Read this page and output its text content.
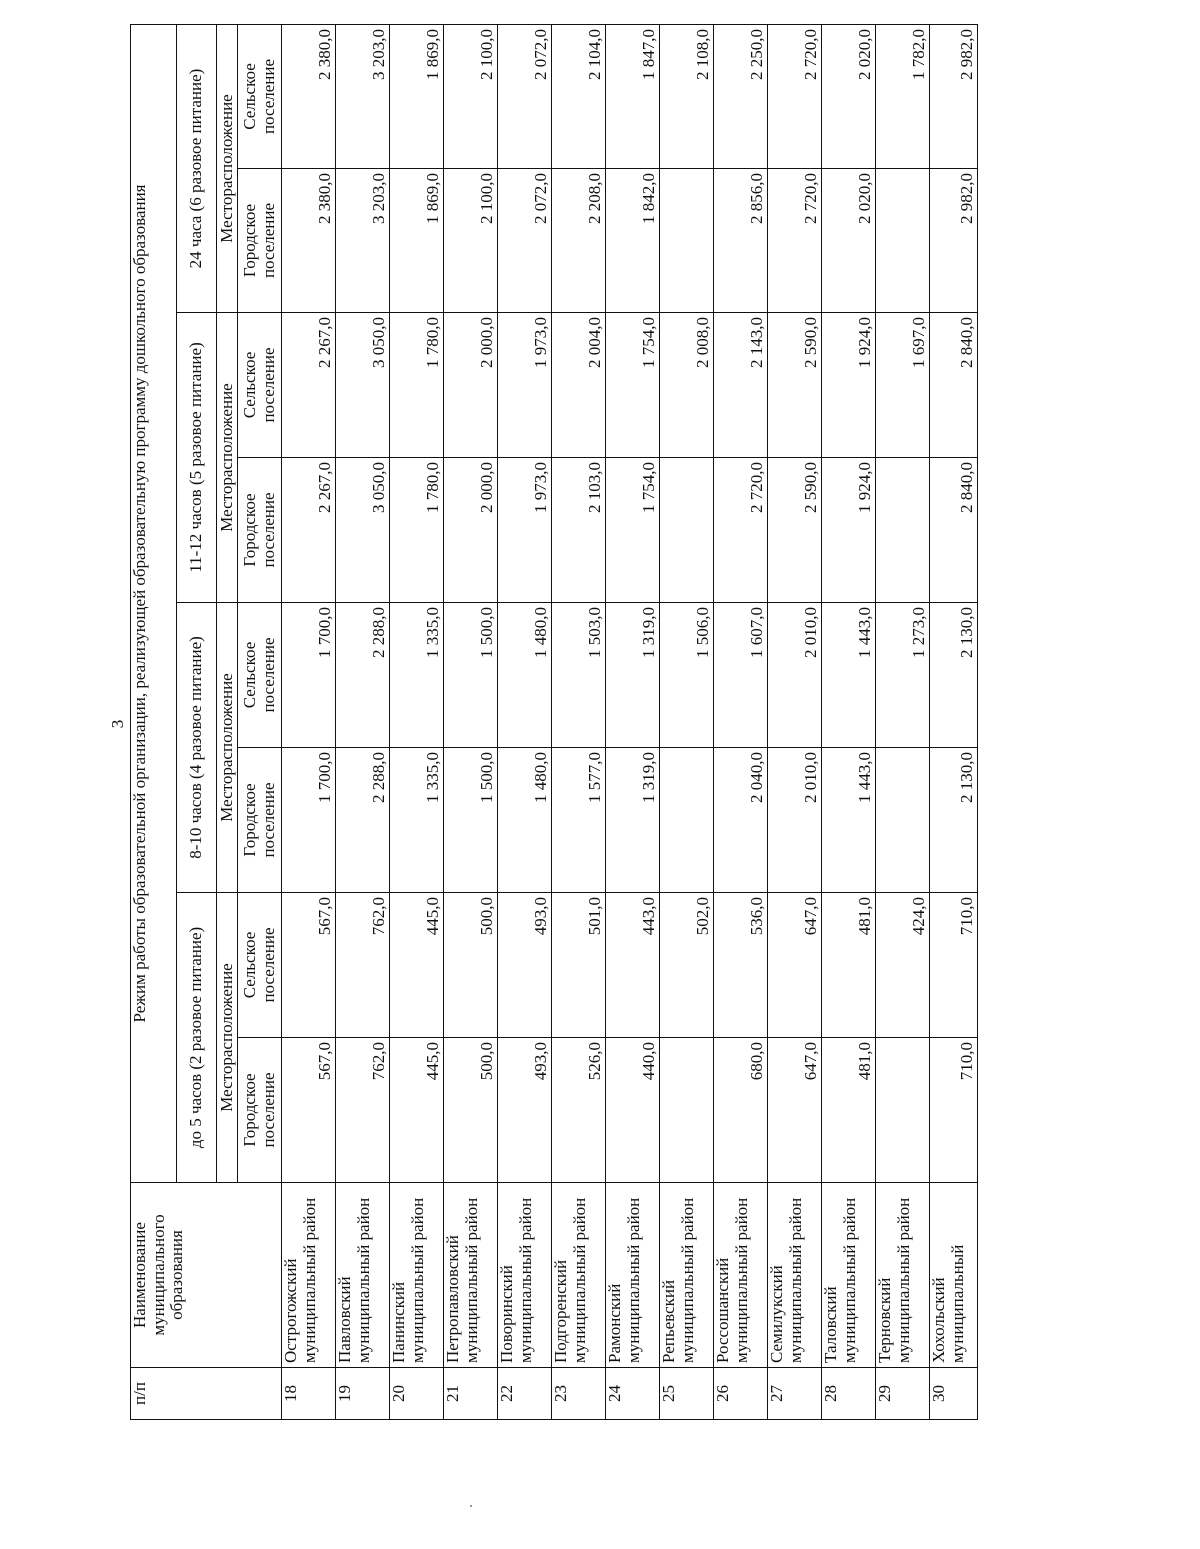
3
п/п	Наименование муниципального образования	Режим работы образовательной организации, реализующей образовательную программу дошкольного образования							
		до 5 часов (2 разовое питание)		8-10 часов (4 разовое питание)		11-12 часов (5 разовое питание)		24 часа (6 разовое питание)	
		Месторасположение		Месторасположение		Месторасположение		Месторасположение	
		Городское поселение	Сельское поселение	Городское поселение	Сельское поселение	Городское поселение	Сельское поселение	Городское поселение	Сельское поселение
18	Острогожский муниципальный район	567,0	567,0	1 700,0	1 700,0	2 267,0	2 267,0	2 380,0	2 380,0
19	Павловский муниципальный район	762,0	762,0	2 288,0	2 288,0	3 050,0	3 050,0	3 203,0	3 203,0
20	Панинский муниципальный район	445,0	445,0	1 335,0	1 335,0	1 780,0	1 780,0	1 869,0	1 869,0
21	Петропавловский муниципальный район	500,0	500,0	1 500,0	1 500,0	2 000,0	2 000,0	2 100,0	2 100,0
22	Поворинский муниципальный район	493,0	493,0	1 480,0	1 480,0	1 973,0	1 973,0	2 072,0	2 072,0
23	Подгоренский муниципальный район	526,0	501,0	1 577,0	1 503,0	2 103,0	2 004,0	2 208,0	2 104,0
24	Рамонский муниципальный район	440,0	443,0	1 319,0	1 319,0	1 754,0	1 754,0	1 842,0	1 847,0
25	Репьевский муниципальный район		502,0		1 506,0		2 008,0		2 108,0
26	Россошанский муниципальный район	680,0	536,0	2 040,0	1 607,0	2 720,0	2 143,0	2 856,0	2 250,0
27	Семилукский муниципальный район	647,0	647,0	2 010,0	2 010,0	2 590,0	2 590,0	2 720,0	2 720,0
28	Таловский муниципальный район	481,0	481,0	1 443,0	1 443,0	1 924,0	1 924,0	2 020,0	2 020,0
29	Терновский муниципальный район		424,0		1 273,0		1 697,0		1 782,0
30	Хохольский муниципальный	710,0	710,0	2 130,0	2 130,0	2 840,0	2 840,0	2 982,0	2 982,0
